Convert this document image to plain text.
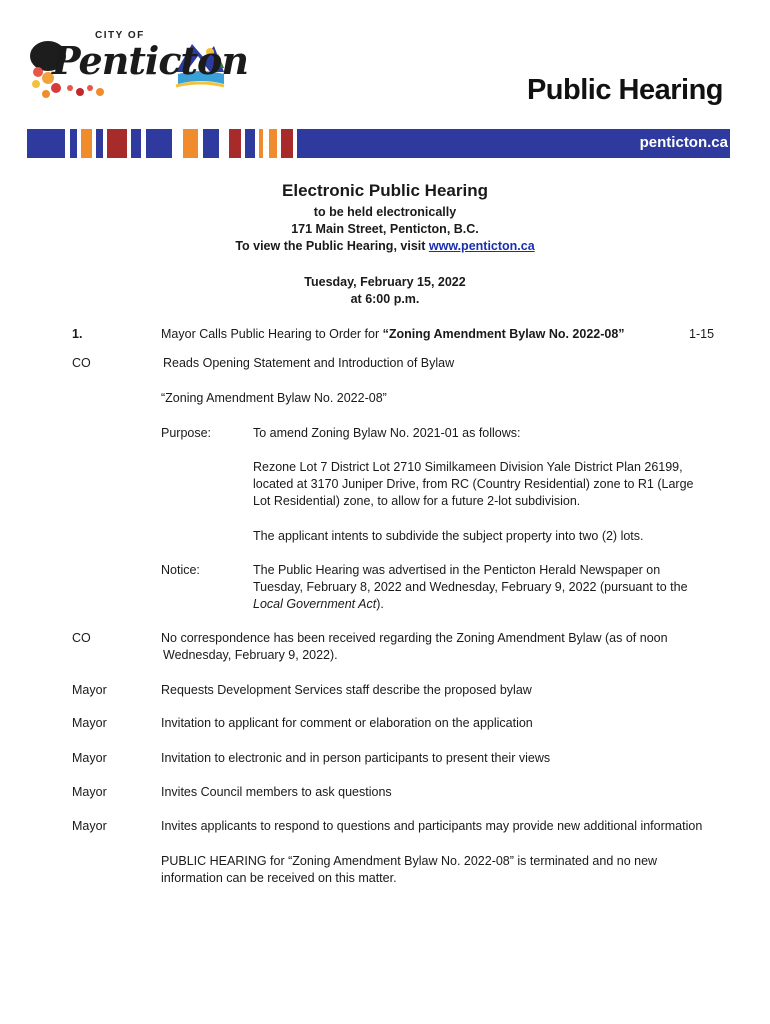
CITY OF
Penticton
Public Hearing
penticton.ca
Electronic Public Hearing
to be held electronically
171 Main Street, Penticton, B.C.
To view the Public Hearing, visit www.penticton.ca
Tuesday, February 15, 2022
at 6:00 p.m.
1.	Mayor Calls Public Hearing to Order for “Zoning Amendment Bylaw No. 2022-08”	1-15
CO	Reads Opening Statement and Introduction of Bylaw
“Zoning Amendment Bylaw No. 2022-08”
Purpose:	To amend Zoning Bylaw No. 2021-01 as follows:
Rezone Lot 7 District Lot 2710 Similkameen Division Yale District Plan 26199,
located at 3170 Juniper Drive, from RC (Country Residential) zone to R1 (Large
Lot Residential) zone, to allow for a future 2-lot subdivision.
The applicant intents to subdivide the subject property into two (2) lots.
Notice:	The Public Hearing was advertised in the Penticton Herald Newspaper on
Tuesday, February 8, 2022 and Wednesday, February 9, 2022 (pursuant to the
Local Government Act).
CO	No correspondence has been received regarding the Zoning Amendment Bylaw (as of noon
Wednesday, February 9, 2022).
Mayor	Requests Development Services staff describe the proposed bylaw
Mayor	Invitation to applicant for comment or elaboration on the application
Mayor	Invitation to electronic and in person participants to present their views
Mayor	Invites Council members to ask questions
Mayor	Invites applicants to respond to questions and participants may provide new additional information
PUBLIC HEARING for “Zoning Amendment Bylaw No. 2022-08” is terminated and no new
information can be received on this matter.
